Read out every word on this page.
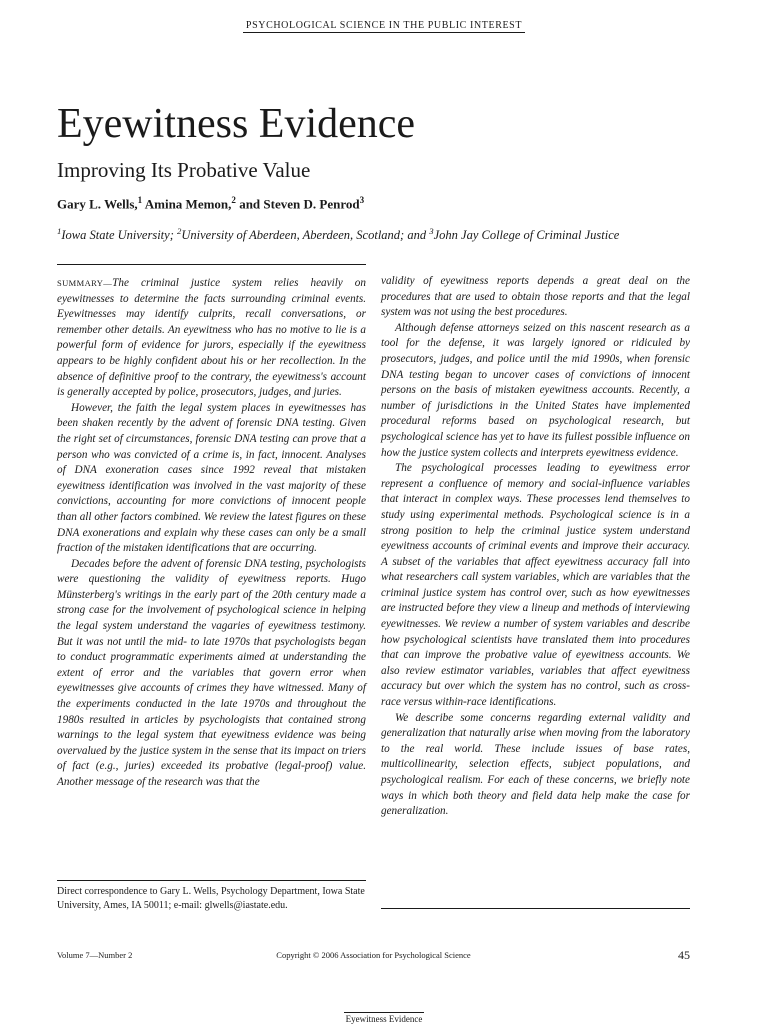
PSYCHOLOGICAL SCIENCE IN THE PUBLIC INTEREST
Eyewitness Evidence
Improving Its Probative Value
Gary L. Wells,$^1$ Amina Memon,$^2$ and Steven D. Penrod$^3$
$^1$Iowa State University; $^2$University of Aberdeen, Aberdeen, Scotland; and $^3$John Jay College of Criminal Justice

SUMMARY—The criminal justice system relies heavily on eyewitnesses to determine the facts surrounding criminal events. Eyewitnesses may identify culprits, recall conversations, or remember other details. An eyewitness who has no motive to lie is a powerful form of evidence for jurors, especially if the eyewitness appears to be highly confident about his or her recollection. In the absence of definitive proof to the contrary, the eyewitness's account is generally accepted by police, prosecutors, judges, and juries.

However, the faith the legal system places in eyewitnesses has been shaken recently by the advent of forensic DNA testing. Given the right set of circumstances, forensic DNA testing can prove that a person who was convicted of a crime is, in fact, innocent. Analyses of DNA exoneration cases since 1992 reveal that mistaken eyewitness identification was involved in the vast majority of these convictions, accounting for more convictions of innocent people than all other factors combined. We review the latest figures on these DNA exonerations and explain why these cases can only be a small fraction of the mistaken identifications that are occurring.

Decades before the advent of forensic DNA testing, psychologists were questioning the validity of eyewitness reports. Hugo Münsterberg's writings in the early part of the 20th century made a strong case for the involvement of psychological science in helping the legal system understand the vagaries of eyewitness testimony. But it was not until the mid- to late 1970s that psychologists began to conduct programmatic experiments aimed at understanding the extent of error and the variables that govern error when eyewitnesses give accounts of crimes they have witnessed. Many of the experiments conducted in the late 1970s and throughout the 1980s resulted in articles by psychologists that contained strong warnings to the legal system that eyewitness evidence was being overvalued by the justice system in the sense that its impact on triers of fact (e.g., juries) exceeded its probative (legal-proof) value. Another message of the research was that the

validity of eyewitness reports depends a great deal on the procedures that are used to obtain those reports and that the legal system was not using the best procedures.

Although defense attorneys seized on this nascent research as a tool for the defense, it was largely ignored or ridiculed by prosecutors, judges, and police until the mid 1990s, when forensic DNA testing began to uncover cases of convictions of innocent persons on the basis of mistaken eyewitness accounts. Recently, a number of jurisdictions in the United States have implemented procedural reforms based on psychological research, but psychological science has yet to have its fullest possible influence on how the justice system collects and interprets eyewitness evidence.

The psychological processes leading to eyewitness error represent a confluence of memory and social-influence variables that interact in complex ways. These processes lend themselves to study using experimental methods. Psychological science is in a strong position to help the criminal justice system understand eyewitness accounts of criminal events and improve their accuracy. A subset of the variables that affect eyewitness accuracy fall into what researchers call system variables, which are variables that the criminal justice system has control over, such as how eyewitnesses are instructed before they view a lineup and methods of interviewing eyewitnesses. We review a number of system variables and describe how psychological scientists have translated them into procedures that can improve the probative value of eyewitness accounts. We also review estimator variables, variables that affect eyewitness accuracy but over which the system has no control, such as cross-race versus within-race identifications.

We describe some concerns regarding external validity and generalization that naturally arise when moving from the laboratory to the real world. These include issues of base rates, multicollinearity, selection effects, subject populations, and psychological realism. For each of these concerns, we briefly note ways in which both theory and field data help make the case for generalization.

Direct correspondence to Gary L. Wells, Psychology Department, Iowa State University, Ames, IA 50011; e-mail: glwells@iastate.edu.
Volume 7—Number 2	Copyright © 2006 Association for Psychological Science	45
Eyewitness Evidence
